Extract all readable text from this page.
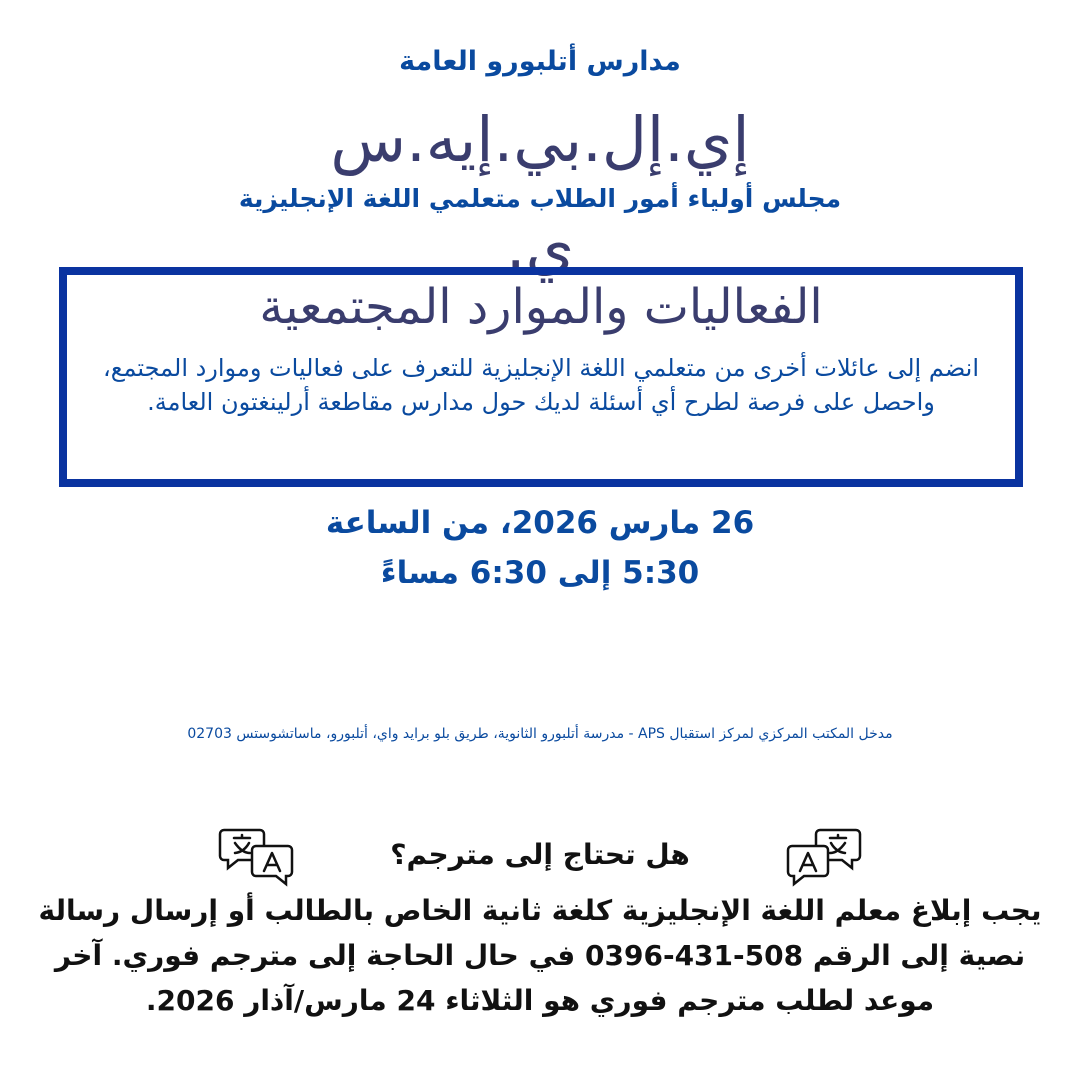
مدارس أتلبورو العامة
إي.إل.بي.إيه.س
ي.
مجلس أولياء أمور الطلاب متعلمي اللغة الإنجليزية
الفعاليات والموارد المجتمعية
انضم إلى عائلات أخرى من متعلمي اللغة الإنجليزية للتعرف على فعاليات وموارد المجتمع، واحصل على فرصة لطرح أي أسئلة لديك حول مدارس مقاطعة أرلينغتون العامة.
26 مارس 2026، من الساعة
5:30 إلى 6:30 مساءً
مدخل المكتب المركزي لمركز استقبال APS - مدرسة أتلبورو الثانوية، طريق بلو برايد واي، أتلبورو، ماساتشوستس 02703
هل تحتاج إلى مترجم؟
يجب إبلاغ معلم اللغة الإنجليزية كلغة ثانية الخاص بالطالب أو إرسال رسالة نصية إلى الرقم 508-431-0396 في حال الحاجة إلى مترجم فوري. آخر موعد لطلب مترجم فوري هو الثلاثاء 24 مارس/آذار 2026.
